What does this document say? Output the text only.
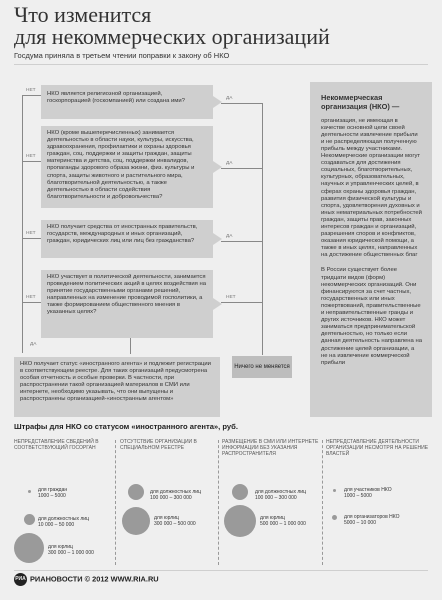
Что изменится
для некоммерческих организаций
Госдума приняла в третьем чтении поправки к закону об НКО
НЕТ
НЕТ
НЕТ
НЕТ
ДА
ДА
ДА
ДА
НЕТ
НКО является религиозной организацией, госкорпорацией (госкомпанией) или создана ими?
НКО (кроме вышеперечисленных) занимается деятельностью в области науки, культуры, искусства, здравоохранения, профилактики и охраны здоровья граждан, соц. поддержки и защиты граждан, защиты материнства и детства, соц. поддержки инвалидов, пропаганды здорового образа жизни, физ. культуры и спорта, защиты животного и растительного мира, благотворительной деятельностью, а также деятельностью в области содействия благотворительности и добровольчества?
НКО получает средства от иностранных правительств, государств, международных и иных организаций, граждан, юридических лиц или лиц без гражданства?
НКО участвует в политической деятельности, занимается проведением политических акций в целях воздействия на принятие государственными органами решений, направленных на изменение проводимой госполитики, а также формированием общественного мнения в указанных целях?
НКО получает статус «иностранного агента» и подлежит регистрации в соответствующем реестре. Для таких организаций предусмотрена особая отчетность и особые проверки. В частности, при распространении такой организацией материалов в СМИ или интернете, необходимо указывать, что они выпущены и распространены организацией-«иностранным агентом»
Ничего не меняется
Некоммерческая организация (НКО) —

организация, не имеющая в качестве основной цели своей деятельности извлечение прибыли и не распределяющая полученную прибыль между участниками. Некоммерческие организации могут создаваться для достижения социальных, благотворительных, культурных, образовательных, научных и управленческих целей, в сферах охраны здоровья граждан, развития физической культуры и спорта, удовлетворения духовных и иных нематериальных потребностей граждан, защиты прав, законных интересов граждан и организаций, разрешения споров и конфликтов, оказания юридической помощи, а также в иных целях, направленных на достижение общественных благ

В России существует более тридцати видов (форм) некоммерческих организаций. Они финансируются за счет частных, государственных или иных пожертвований, правительственные и неправительственные гранды и других источников. НКО может заниматься предпринимательской деятельностью, но только если данная деятельность направлена на достижение целей организации, а не на извлечение коммерческой прибыли

Штрафы для НКО со статусом «иностранного агента», руб.
НЕПРЕДСТАВЛЕНИЕ СВЕДЕНИЙ В СООТВЕТСТВУЮЩИЙ ГОСОРГАН
ОТСУТСТВИЕ ОРГАНИЗАЦИИ В СПЕЦИАЛЬНОМ РЕЕСТРЕ
РАЗМЕЩЕНИЕ В СМИ ИЛИ ИНТЕРНЕТЕ ИНФОРМАЦИИ БЕЗ УКАЗАНИЯ РАСПРОСТРАНИТЕЛЯ
НЕПРЕДСТАВЛЕНИЕ ДЕЯТЕЛЬНОСТИ ОРГАНИЗАЦИИ НЕСМОТРЯ НА РЕШЕНИЕ ВЛАСТЕЙ
для граждан
1000 – 5000
для должностных лиц
10 000 – 50 000
для юрлиц
300 000 – 1 000 000
для должностных лиц
100 000 – 300 000
для юрлиц
300 000 – 500 000
для должностных лиц
100 000 – 300 000
для юрлиц
500 000 – 1 000 000
для участников НКО
1000 – 5000
для организаторов НКО
5000 – 10 000
РИА РИАНОВОСТИ © 2012 WWW.RIA.RU
